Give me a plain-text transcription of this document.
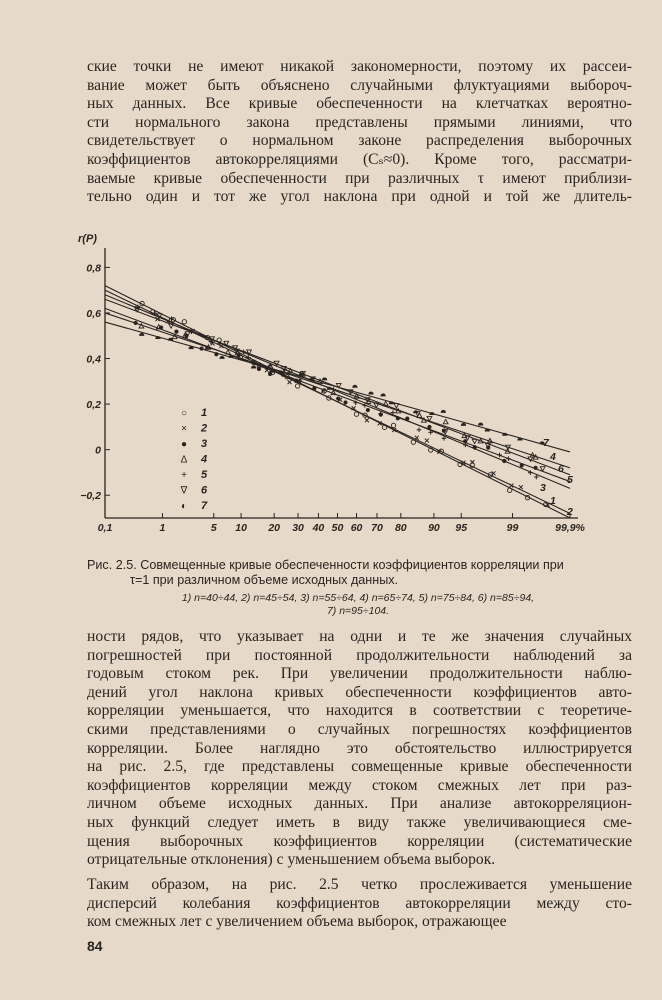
ские точки не имеют никакой закономерности, поэтому их рассеи-
вание может быть объяснено случайными флуктуациями выбороч-
ных данных. Все кривые обеспеченности на клетчатках вероятно-
сти нормального закона представлены прямыми линиями, что
свидетельствует о нормальном законе распределения выборочных
коэффициентов автокорреляциями (Cₛ≈0). Кроме того, рассматри-
ваемые кривые обеспеченности при различных τ имеют приблизи-
тельно один и тот же угол наклона при одной и той же длитель-
r(P)
0,8
0,6
0,4
0,2
0
−0,2
0,1	1	5 10 20 30 40 50 60 70 80 90 95	99	99,9%
7
4
6
5
3
1
2
○ 1
× 2
● 3
Δ 4
+ 5
∇ 6
◐ 7
Рис. 2.5. Совмещенные кривые обеспеченности коэффициентов корреляции при
τ=1 при различном объеме исходных данных.
1) n=40÷44, 2) n=45÷54, 3) n=55÷64, 4) n=65÷74, 5) n=75÷84, 6) n=85÷94,
7) n=95÷104.
ности рядов, что указывает на одни и те же значения случайных
погрешностей при постоянной продолжительности наблюдений за
годовым стоком рек. При увеличении продолжительности наблю-
дений угол наклона кривых обеспеченности коэффициентов авто-
корреляции уменьшается, что находится в соответствии с теоретиче-
скими представлениями о случайных погрешностях коэффициентов
корреляции. Более наглядно это обстоятельство иллюстрируется
на рис. 2.5, где представлены совмещенные кривые обеспеченности
коэффициентов корреляции между стоком смежных лет при раз-
личном объеме исходных данных. При анализе автокорреляцион-
ных функций следует иметь в виду также увеличивающиеся сме-
щения выборочных коэффициентов корреляции (систематические
отрицательные отклонения) с уменьшением объема выборок.
Таким образом, на рис. 2.5 четко прослеживается уменьшение
дисперсий колебания коэффициентов автокорреляции между сто-
ком смежных лет с увеличением объема выборок, отражающее
84
